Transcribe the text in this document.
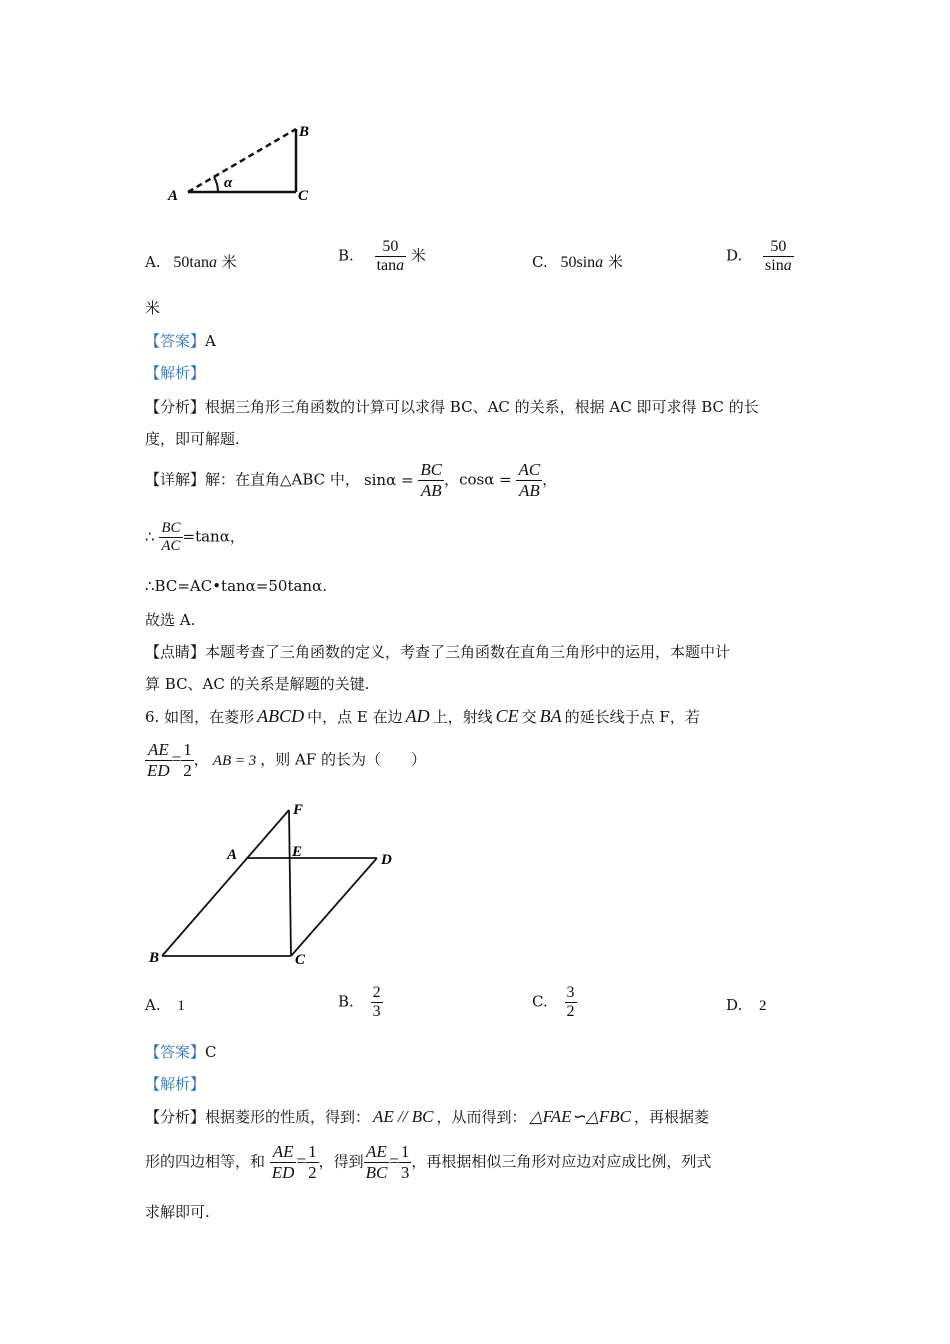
A
B
C
α
A. 50tana 米	B. $\frac{50}{\tan a}$ 米	C. 50sina 米	D. $\frac{50}{\sin a}$
米
【答案】A
【解析】
【分析】根据三角形三角函数的计算可以求得 BC、AC 的关系，根据 AC 即可求得 BC 的长
度，即可解题.
【详解】解：在直角△ABC 中， $\sin\alpha = \frac{BC}{AB}$ ，$\cos\alpha = \frac{AC}{AB}$ ，
∴ $\frac{BC}{AC} =\tan\alpha$，
∴BC=AC•tanα=50tanα.
故选 A.
【点睛】本题考查了三角函数的定义，考查了三角函数在直角三角形中的运用，本题中计
算 BC、AC 的关系是解题的关键.
6. 如图，在菱形 ABCD 中，点 E 在边 AD 上，射线 CE 交 BA 的延长线于点 F，若
$\frac{AE}{ED} = \frac{1}{2}$ ， AB = 3 ，则 AF 的长为（　　）
F
A	E	D
B	C
A. 1	B. $\frac{2}{3}$	C. $\frac{3}{2}$	D. 2
【答案】C
【解析】
【分析】根据菱形的性质，得到： AE // BC ，从而得到： △FAE∽△FBC ，再根据菱
形的四边相等，和 $\frac{AE}{ED} = \frac{1}{2}$ ，得到 $\frac{AE}{BC} = \frac{1}{3}$ ，再根据相似三角形对应边对应成比例，列式
求解即可.
